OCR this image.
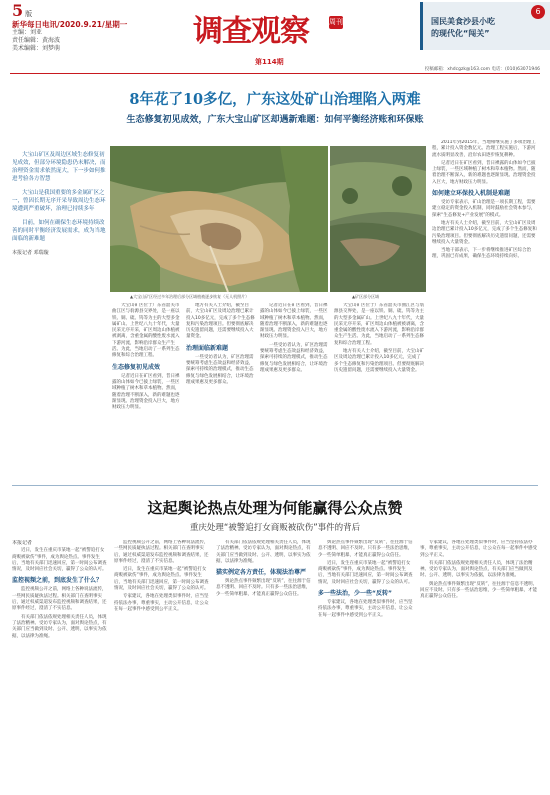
5 版
新华每日电讯/2020.9.21/星期一
主编：刘亚
责任编辑：黄海波
美术编辑：刘梦萌	调查观察	周刊
第114期
6
国民美食沙县小吃
的现代化“闯关”
投稿邮箱：xhdcgzk@163.com 电话：(010)63071946
8年花了10多亿，广东这处矿山治理陷入两难
生态修复初见成效，广东大宝山矿区却遇新难题：如何平衡经济账和环保账

大宝山矿区及周边区域生态修复初见成效，但部分环境隐患仍未解决，而治理资金需求依然庞大，下一步如何推进考验各方智慧

大宝山是我国重要的多金属矿区之一，曾因长期无序开采导致周边生态环境遭到严重破坏，治理已持续多年

目前，如何在确保生态环境持续改善的同时平衡经济发展需求，成为当地面临的新难题

本报记者 邓瑞璇
▲大宝山矿区经过多年治理后部分区域植被逐步恢复（无人机照片）	▲矿区部分区域

大宝山矿区位于广东省韶关市曲江区与翁源县交界处，是一座以铁、铜、硫、钨等为主的大型多金属矿山。上世纪八九十年代，大量民采无序开采，矿区周边山体植被被剥离，含重金属的酸性废水流入下游河流，影响沿岸群众生产生活。为此，当地启动了一系列生态修复和综合治理工程。

生态修复初见成效

记者近日在矿区看到，昔日裸露的山体如今已披上绿装，一些区域种植了树木和草本植物。然而，随着治理不断深入，新的难题也逐渐显现。治理资金投入巨大，地方财政压力明显。

地方有关人士介绍，截至目前，大宝山矿区及周边治理已累计投入10多亿元，完成了多个生态修复和污染治理项目。但要彻底解决历史遗留问题，还需要继续投入大量资金。

治理面临新难题

一些受访者认为，矿区治理需要统筹考虑生态效益和经济效益，探索可持续的治理模式，推动生态修复与绿色发展相结合，让环境治理成果惠及更多群众。

记者近日在矿区看到，昔日裸露的山体如今已披上绿装，一些区域种植了树木和草本植物。然而，随着治理不断深入，新的难题也逐渐显现。治理资金投入巨大，地方财政压力明显。

一些受访者认为，矿区治理需要统筹考虑生态效益和经济效益，探索可持续的治理模式，推动生态修复与绿色发展相结合，让环境治理成果惠及更多群众。

大宝山矿区位于广东省韶关市曲江区与翁源县交界处，是一座以铁、铜、硫、钨等为主的大型多金属矿山。上世纪八九十年代，大量民采无序开采，矿区周边山体植被被剥离，含重金属的酸性废水流入下游河流，影响沿岸群众生产生活。为此，当地启动了一系列生态修复和综合治理工程。

地方有关人士介绍，截至目前，大宝山矿区及周边治理已累计投入10多亿元，完成了多个生态修复和污染治理项目。但要彻底解决历史遗留问题，还需要继续投入大量资金。

2011年到2015年，当地相继实施了多项治理工程，累计投入资金数亿元。治理工程实施后，下游河流水质明显改善，沿岸农田逐步恢复耕种。

记者近日在矿区看到，昔日裸露的山体如今已披上绿装，一些区域种植了树木和草本植物。然而，随着治理不断深入，新的难题也逐渐显现。治理资金投入巨大，地方财政压力明显。

如何建立环保投入机制是难题

受访专家表示，矿山治理是一项长期工程，需要建立稳定的资金投入机制，同时鼓励社会资本参与，探索“生态修复+产业发展”的模式。

地方有关人士介绍，截至目前，大宝山矿区及周边治理已累计投入10多亿元，完成了多个生态修复和污染治理项目。但要彻底解决历史遗留问题，还需要继续投入大量资金。

当地干部表示，下一步将继续推进矿区综合治理，巩固已有成果，确保生态环境持续向好。

这起舆论热点处理为何能赢得公众点赞
重庆处理“被警追打女商贩被砍伤”事件的背后
本报记者

近日，发生在重庆市某地一起“被警追打女商贩被砍伤”事件，成为舆论热点。事件发生后，当地有关部门迅速回应，第一时间公布调查情况，及时回应社会关切，赢得了公众的认可。

监控视频之前，到底发生了什么？

监控视频公开之前，网络上各种说法流传，一些网民质疑执法过程。相关部门在查明事实后，通过权威渠道发布监控视频和调查结果，还原事件经过，澄清了不实信息。

有关部门依法依规处理相关责任人员，体现了法治精神。受访专家认为，面对舆论热点，有关部门应当做到及时、公开、透明，以事实为依据，以法律为准绳。

监控视频公开之前，网络上各种说法流传，一些网民质疑执法过程。相关部门在查明事实后，通过权威渠道发布监控视频和调查结果，还原事件经过，澄清了不实信息。

近日，发生在重庆市某地一起“被警追打女商贩被砍伤”事件，成为舆论热点。事件发生后，当地有关部门迅速回应，第一时间公布调查情况，及时回应社会关切，赢得了公众的认可。

专家建议，各地在处理类似事件时，应当坚持依法办事，尊重事实，主动公开信息，让公众在每一起事件中感受到公平正义。

有关部门依法依规处理相关责任人员，体现了法治精神。受访专家认为，面对舆论热点，有关部门应当做到及时、公开、透明，以事实为依据，以法律为准绳。

猫实例定各方责任，体现法治尊严

舆论热点事件频繁出现“反转”，往往源于信息不透明、回应不及时。只有多一些法治思维，少一些简单粗暴，才能真正赢得公众信任。

舆论热点事件频繁出现“反转”，往往源于信息不透明、回应不及时。只有多一些法治思维，少一些简单粗暴，才能真正赢得公众信任。

近日，发生在重庆市某地一起“被警追打女商贩被砍伤”事件，成为舆论热点。事件发生后，当地有关部门迅速回应，第一时间公布调查情况，及时回应社会关切，赢得了公众的认可。

多一些法治，少一些“反转”

专家建议，各地在处理类似事件时，应当坚持依法办事，尊重事实，主动公开信息，让公众在每一起事件中感受到公平正义。

专家建议，各地在处理类似事件时，应当坚持依法办事，尊重事实，主动公开信息，让公众在每一起事件中感受到公平正义。

有关部门依法依规处理相关责任人员，体现了法治精神。受访专家认为，面对舆论热点，有关部门应当做到及时、公开、透明，以事实为依据，以法律为准绳。

舆论热点事件频繁出现“反转”，往往源于信息不透明、回应不及时。只有多一些法治思维，少一些简单粗暴，才能真正赢得公众信任。
